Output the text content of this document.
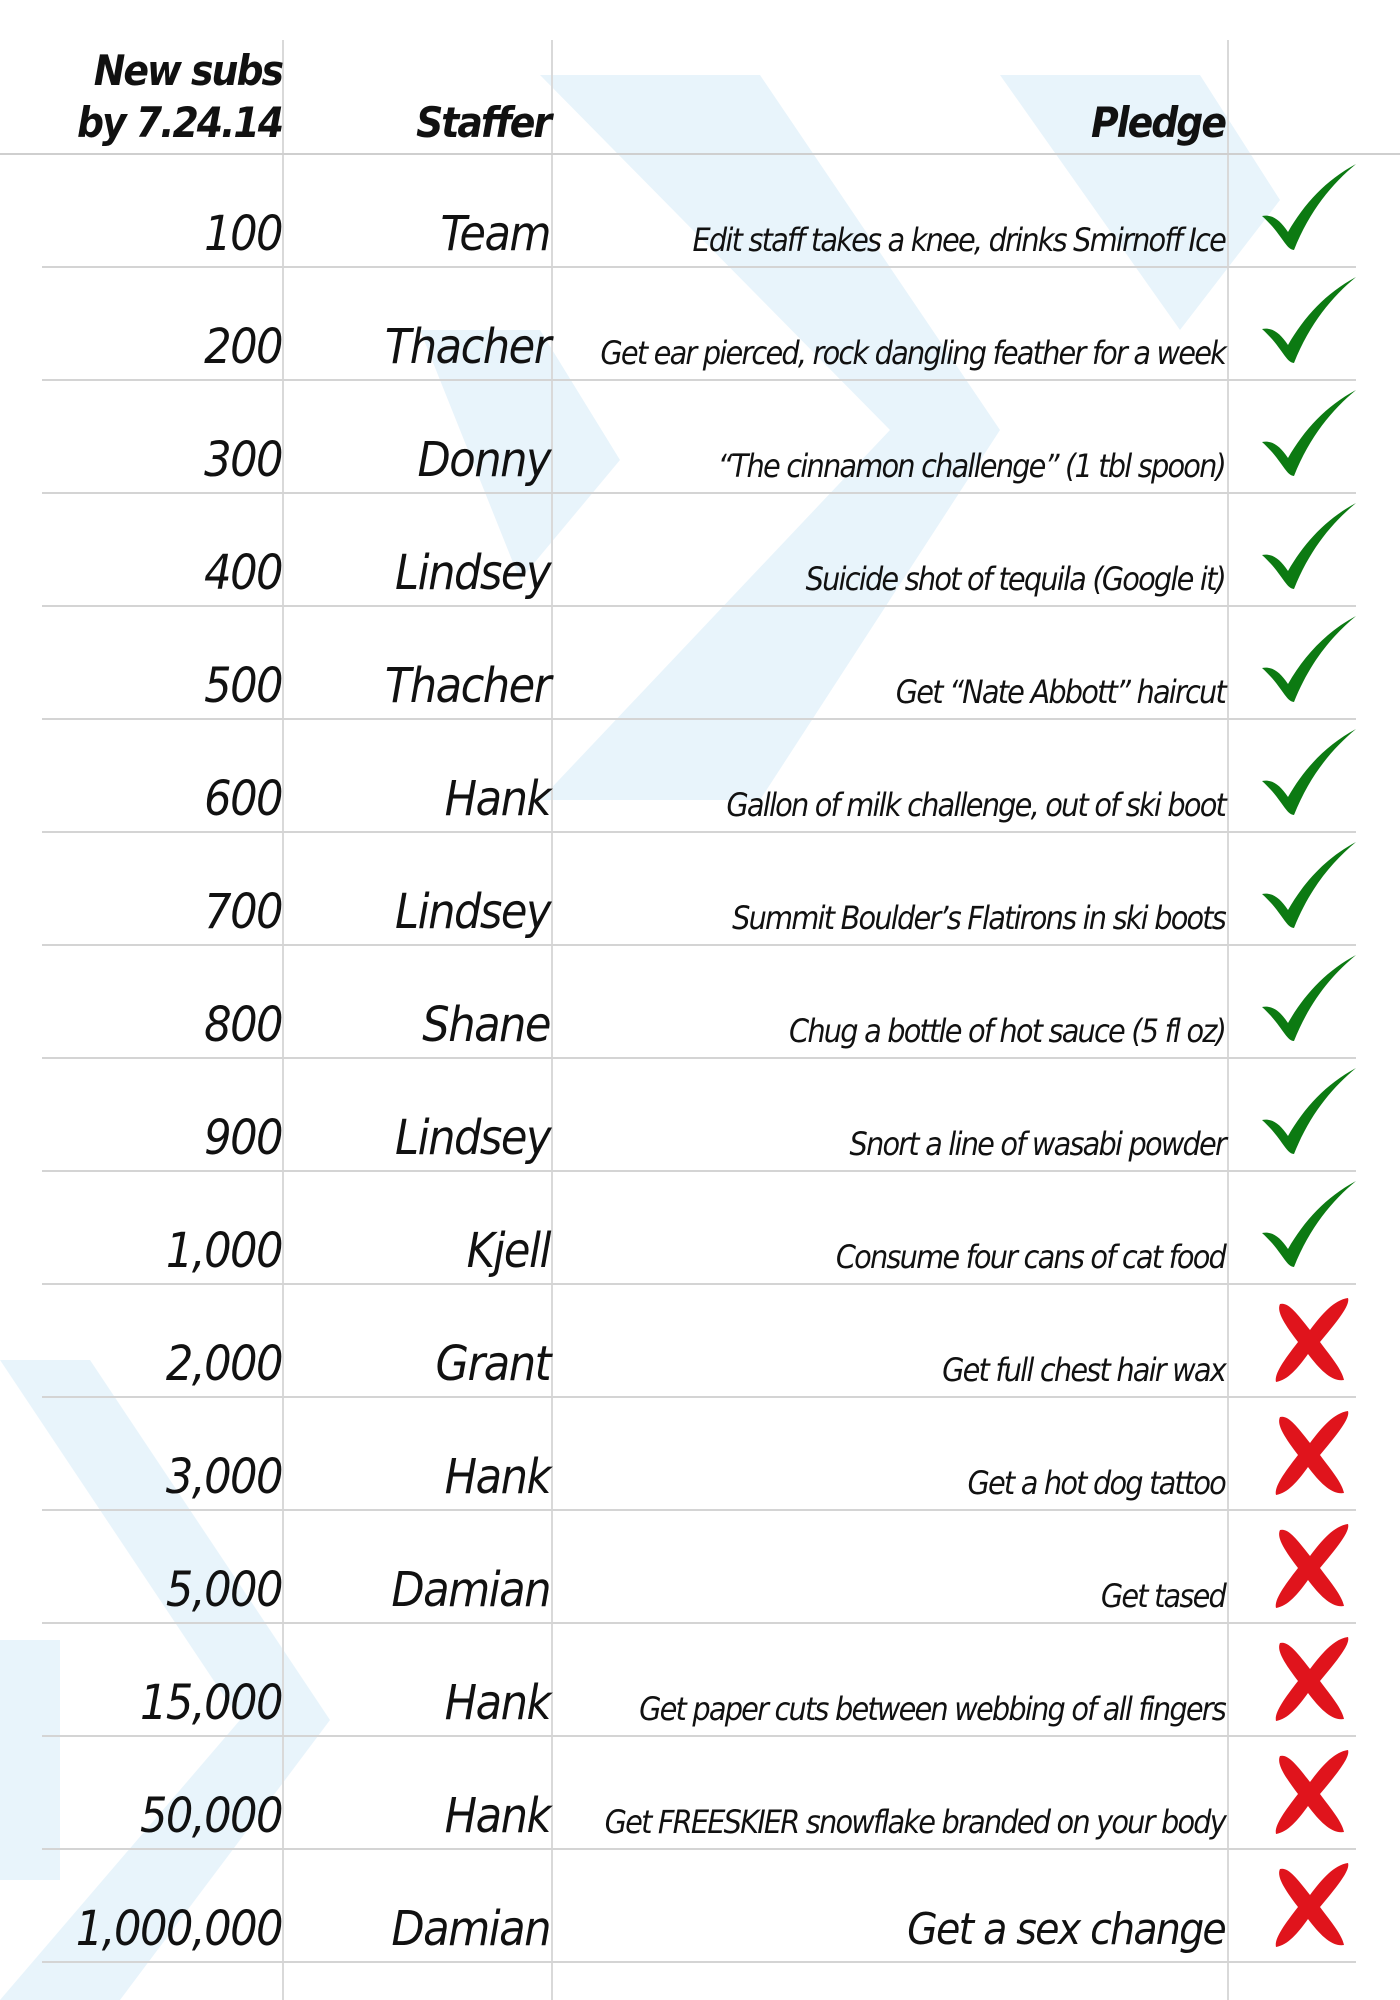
New subs
by 7.24.14	Staffer	Pledge
100	Team	Edit staff takes a knee, drinks Smirnoff Ice
200	Thacher	Get ear pierced, rock dangling feather for a week
300	Donny	“The cinnamon challenge” (1 tbl spoon)
400	Lindsey	Suicide shot of tequila (Google it)
500	Thacher	Get “Nate Abbott” haircut
600	Hank	Gallon of milk challenge, out of ski boot
700	Lindsey	Summit Boulder’s Flatirons in ski boots
800	Shane	Chug a bottle of hot sauce (5 fl oz)
900	Lindsey	Snort a line of wasabi powder
1,000	Kjell	Consume four cans of cat food
2,000	Grant	Get full chest hair wax
3,000	Hank	Get a hot dog tattoo
5,000	Damian	Get tased
15,000	Hank	Get paper cuts between webbing of all fingers
50,000	Hank	Get FREESKIER snowflake branded on your body
1,000,000	Damian	Get a sex change
